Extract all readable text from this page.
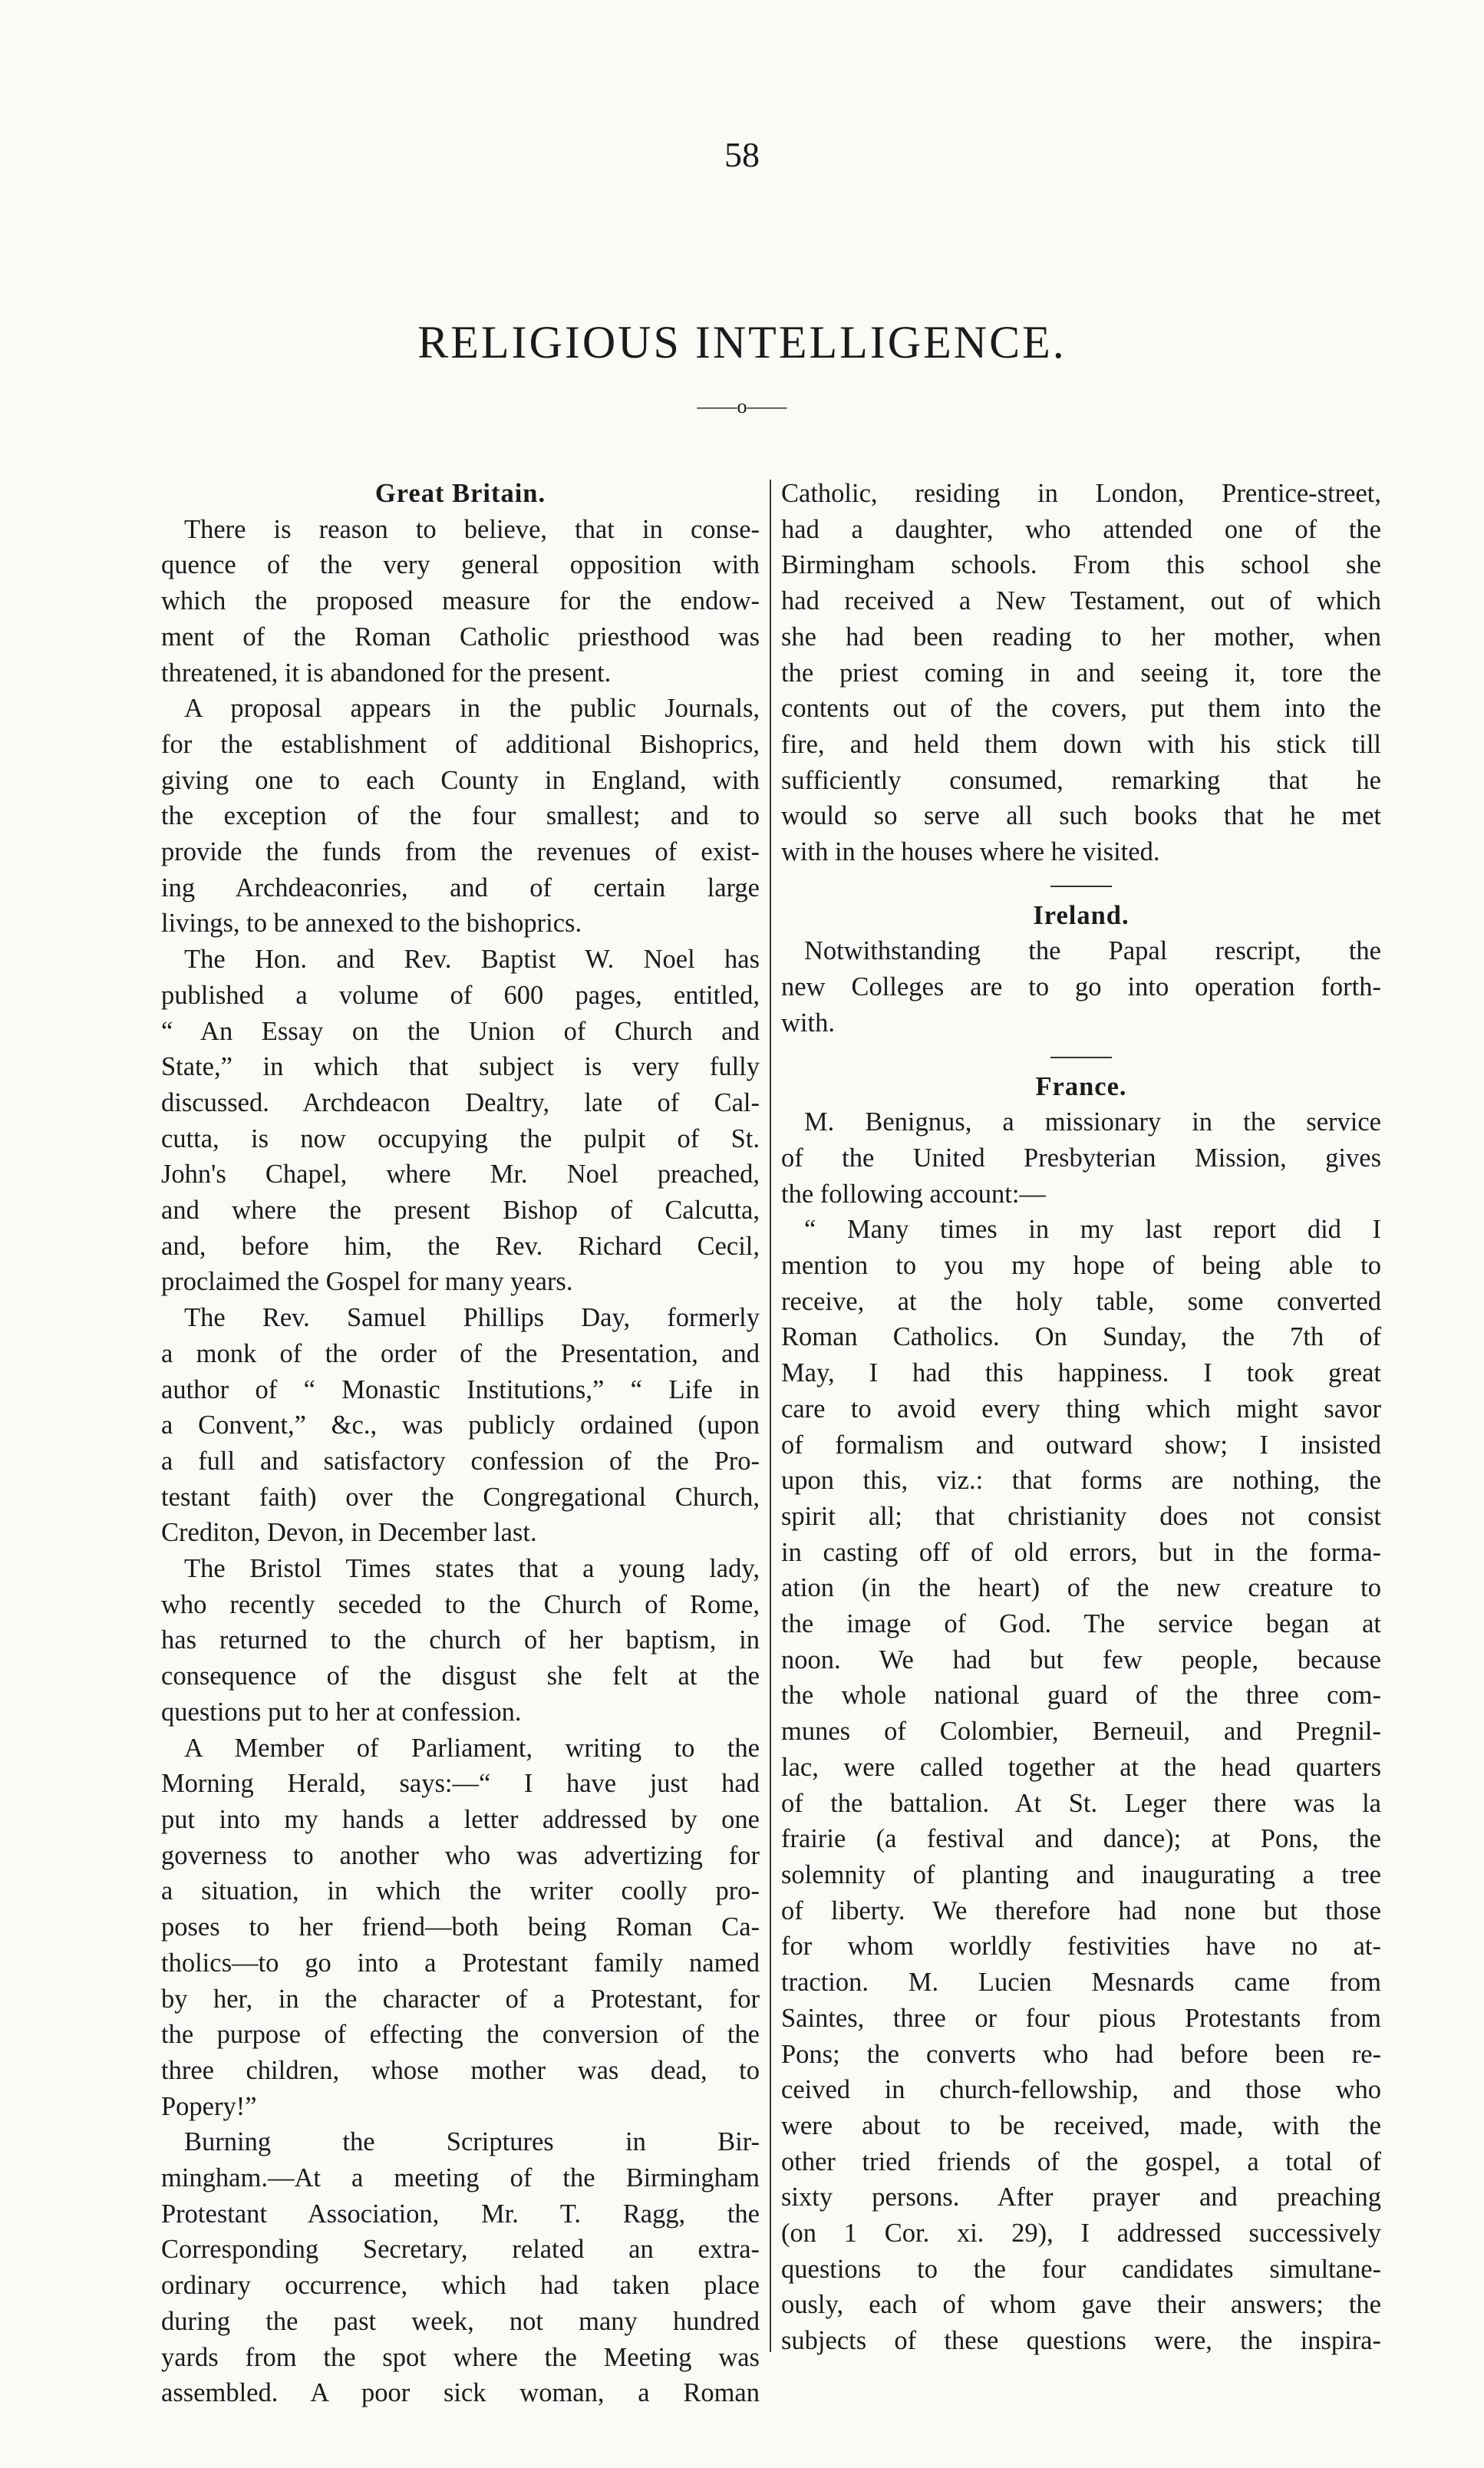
58
RELIGIOUS INTELLIGENCE.
——o——
Great Britain.
There is reason to believe, that in conse-
quence of the very general opposition with
which the proposed measure for the endow-
ment of the Roman Catholic priesthood was
threatened, it is abandoned for the present.
A proposal appears in the public Journals,
for the establishment of additional Bishoprics,
giving one to each County in England, with
the exception of the four smallest; and to
provide the funds from the revenues of exist-
ing Archdeaconries, and of certain large
livings, to be annexed to the bishoprics.
The Hon. and Rev. Baptist W. Noel has
published a volume of 600 pages, entitled,
“ An Essay on the Union of Church and
State,” in which that subject is very fully
discussed. Archdeacon Dealtry, late of Cal-
cutta, is now occupying the pulpit of St.
John's Chapel, where Mr. Noel preached,
and where the present Bishop of Calcutta,
and, before him, the Rev. Richard Cecil,
proclaimed the Gospel for many years.
The Rev. Samuel Phillips Day, formerly
a monk of the order of the Presentation, and
author of “ Monastic Institutions,” “ Life in
a Convent,” &c., was publicly ordained (upon
a full and satisfactory confession of the Pro-
testant faith) over the Congregational Church,
Crediton, Devon, in December last.
The Bristol Times states that a young lady,
who recently seceded to the Church of Rome,
has returned to the church of her baptism, in
consequence of the disgust she felt at the
questions put to her at confession.
A Member of Parliament, writing to the
Morning Herald, says:—“ I have just had
put into my hands a letter addressed by one
governess to another who was advertizing for
a situation, in which the writer coolly pro-
poses to her friend—both being Roman Ca-
tholics—to go into a Protestant family named
by her, in the character of a Protestant, for
the purpose of effecting the conversion of the
three children, whose mother was dead, to
Popery!”
Burning the Scriptures in Bir-
mingham.—At a meeting of the Birmingham
Protestant Association, Mr. T. Ragg, the
Corresponding Secretary, related an extra-
ordinary occurrence, which had taken place
during the past week, not many hundred
yards from the spot where the Meeting was
assembled. A poor sick woman, a Roman
Catholic, residing in London, Prentice-street,
had a daughter, who attended one of the
Birmingham schools. From this school she
had received a New Testament, out of which
she had been reading to her mother, when
the priest coming in and seeing it, tore the
contents out of the covers, put them into the
fire, and held them down with his stick till
sufficiently consumed, remarking that he
would so serve all such books that he met
with in the houses where he visited.
Ireland.
Notwithstanding the Papal rescript, the
new Colleges are to go into operation forth-
with.
France.
M. Benignus, a missionary in the service
of the United Presbyterian Mission, gives
the following account:—
“ Many times in my last report did I
mention to you my hope of being able to
receive, at the holy table, some converted
Roman Catholics. On Sunday, the 7th of
May, I had this happiness. I took great
care to avoid every thing which might savor
of formalism and outward show; I insisted
upon this, viz.: that forms are nothing, the
spirit all; that christianity does not consist
in casting off of old errors, but in the forma-
ation (in the heart) of the new creature to
the image of God. The service began at
noon. We had but few people, because
the whole national guard of the three com-
munes of Colombier, Berneuil, and Pregnil-
lac, were called together at the head quarters
of the battalion. At St. Leger there was la
frairie (a festival and dance); at Pons, the
solemnity of planting and inaugurating a tree
of liberty. We therefore had none but those
for whom worldly festivities have no at-
traction. M. Lucien Mesnards came from
Saintes, three or four pious Protestants from
Pons; the converts who had before been re-
ceived in church-fellowship, and those who
were about to be received, made, with the
other tried friends of the gospel, a total of
sixty persons. After prayer and preaching
(on 1 Cor. xi. 29), I addressed successively
questions to the four candidates simultane-
ously, each of whom gave their answers; the
subjects of these questions were, the inspira-
